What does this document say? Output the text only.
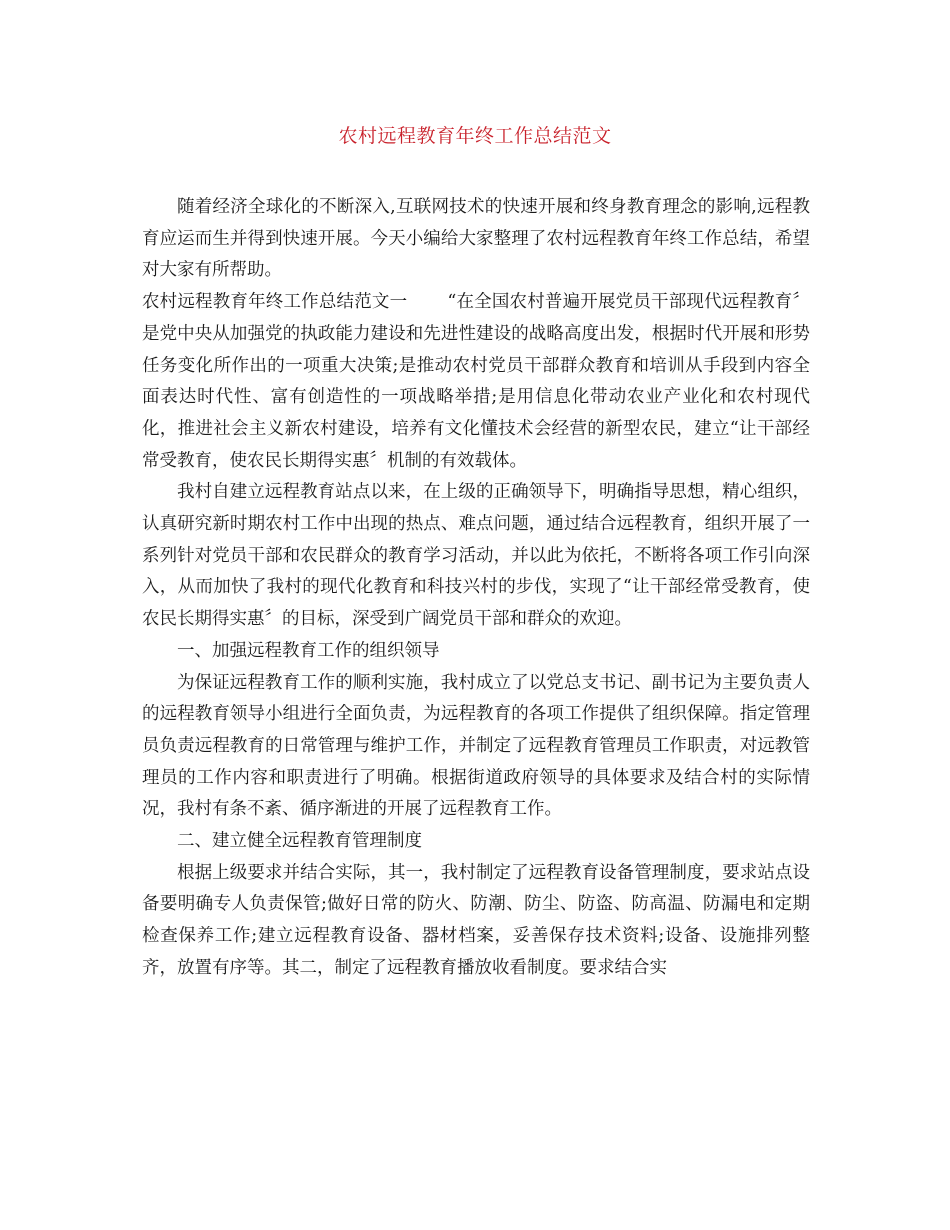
农村远程教育年终工作总结范文

随着经济全球化的不断深入,互联网技术的快速开展和终身教育理念的影响,远程教育应运而生并得到快速开展。今天小编给大家整理了农村远程教育年终工作总结，希望对大家有所帮助。

农村远程教育年终工作总结范文一 “在全国农村普遍开展党员干部现代远程教育〞是党中央从加强党的执政能力建设和先进性建设的战略高度出发，根据时代开展和形势任务变化所作出的一项重大决策;是推动农村党员干部群众教育和培训从手段到内容全面表达时代性、富有创造性的一项战略举措;是用信息化带动农业产业化和农村现代化，推进社会主义新农村建设，培养有文化懂技术会经营的新型农民，建立“让干部经常受教育，使农民长期得实惠〞机制的有效载体。

我村自建立远程教育站点以来，在上级的正确领导下，明确指导思想，精心组织，认真研究新时期农村工作中出现的热点、难点问题，通过结合远程教育，组织开展了一系列针对党员干部和农民群众的教育学习活动，并以此为依托，不断将各项工作引向深入，从而加快了我村的现代化教育和科技兴村的步伐，实现了“让干部经常受教育，使农民长期得实惠〞的目标，深受到广阔党员干部和群众的欢迎。

一、加强远程教育工作的组织领导

为保证远程教育工作的顺利实施，我村成立了以党总支书记、副书记为主要负责人的远程教育领导小组进行全面负责，为远程教育的各项工作提供了组织保障。指定管理员负责远程教育的日常管理与维护工作，并制定了远程教育管理员工作职责，对远教管理员的工作内容和职责进行了明确。根据街道政府领导的具体要求及结合村的实际情况，我村有条不紊、循序渐进的开展了远程教育工作。

二、建立健全远程教育管理制度

根据上级要求并结合实际，其一，我村制定了远程教育设备管理制度，要求站点设备要明确专人负责保管;做好日常的防火、防潮、防尘、防盗、防高温、防漏电和定期检查保养工作;建立远程教育设备、器材档案，妥善保存技术资料;设备、设施排列整齐，放置有序等。其二，制定了远程教育播放收看制度。要求结合实
